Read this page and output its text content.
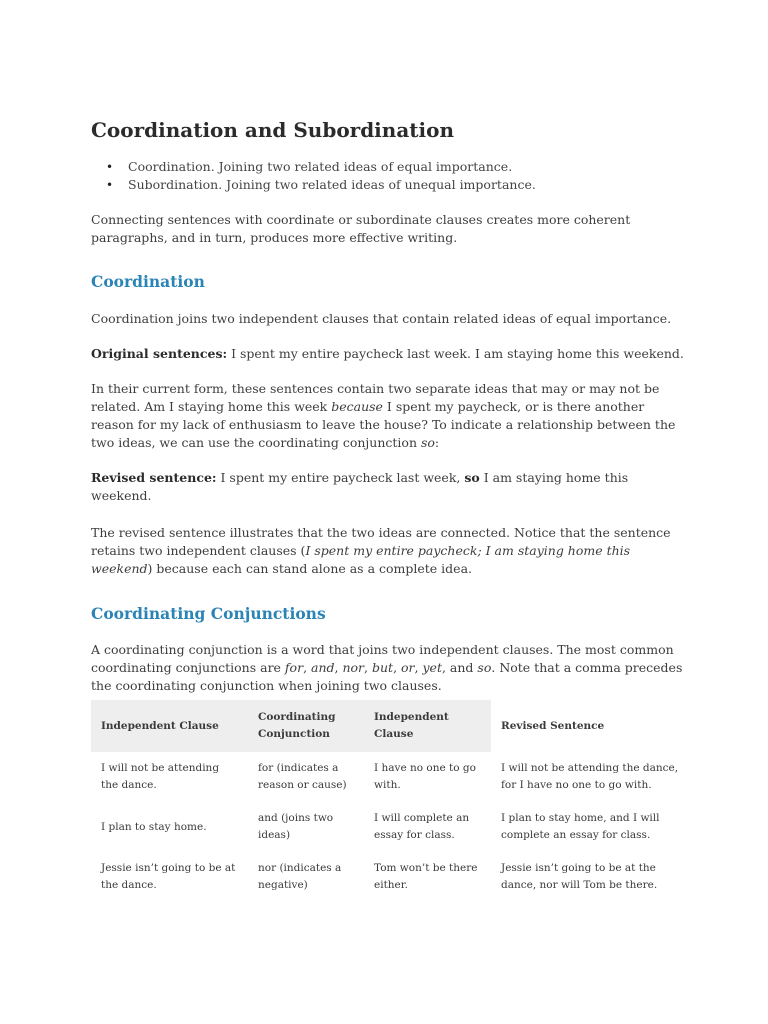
Coordination and Subordination
• Coordination. Joining two related ideas of equal importance.
• Subordination. Joining two related ideas of unequal importance.

Connecting sentences with coordinate or subordinate clauses creates more coherent paragraphs, and in turn, produces more effective writing.

Coordination

Coordination joins two independent clauses that contain related ideas of equal importance.

Original sentences: I spent my entire paycheck last week. I am staying home this weekend.

In their current form, these sentences contain two separate ideas that may or may not be related. Am I staying home this week because I spent my paycheck, or is there another reason for my lack of enthusiasm to leave the house? To indicate a relationship between the two ideas, we can use the coordinating conjunction so:

Revised sentence: I spent my entire paycheck last week, so I am staying home this weekend.

The revised sentence illustrates that the two ideas are connected. Notice that the sentence retains two independent clauses (I spent my entire paycheck; I am staying home this weekend) because each can stand alone as a complete idea.

Coordinating Conjunctions

A coordinating conjunction is a word that joins two independent clauses. The most common coordinating conjunctions are for, and, nor, but, or, yet, and so. Note that a comma precedes the coordinating conjunction when joining two clauses.

Independent Clause	Coordinating Conjunction	Independent Clause	Revised Sentence
I will not be attending the dance.	for (indicates a reason or cause)	I have no one to go with.	I will not be attending the dance, for I have no one to go with.
I plan to stay home.	and (joins two ideas)	I will complete an essay for class.	I plan to stay home, and I will complete an essay for class.
Jessie isn’t going to be at the dance.	nor (indicates a negative)	Tom won’t be there either.	Jessie isn’t going to be at the dance, nor will Tom be there.
